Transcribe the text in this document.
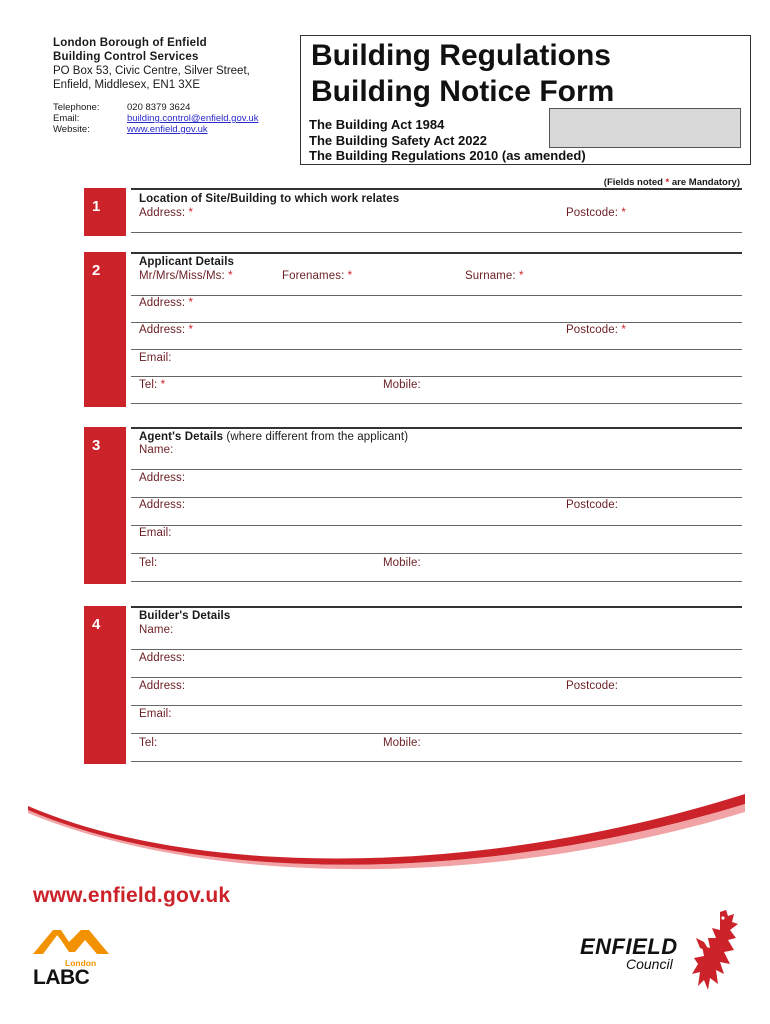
London Borough of Enfield
Building Control Services
PO Box 53, Civic Centre, Silver Street,
Enfield, Middlesex, EN1 3XE
Telephone:	020 8379 3624
Email:	building.control@enfield.gov.uk
Website:	www.enfield.gov.uk
Building Regulations
Building Notice Form
The Building Act 1984
The Building Safety Act 2022
The Building Regulations 2010 (as amended)
(Fields noted * are Mandatory)
1	Location of Site/Building to which work relates
Address: *	Postcode: *
2	Applicant Details
Mr/Mrs/Miss/Ms: *	Forenames: *	Surname: *
Address: *
Address: *	Postcode: *
Email:
Tel: *	Mobile:
3	Agent's Details (where different from the applicant)
Name:
Address:
Address:	Postcode:
Email:
Tel:	Mobile:
4	Builder's Details
Name:
Address:
Address:	Postcode:
Email:
Tel:	Mobile:
www.enfield.gov.uk
London
LABC
ENFIELD
Council
